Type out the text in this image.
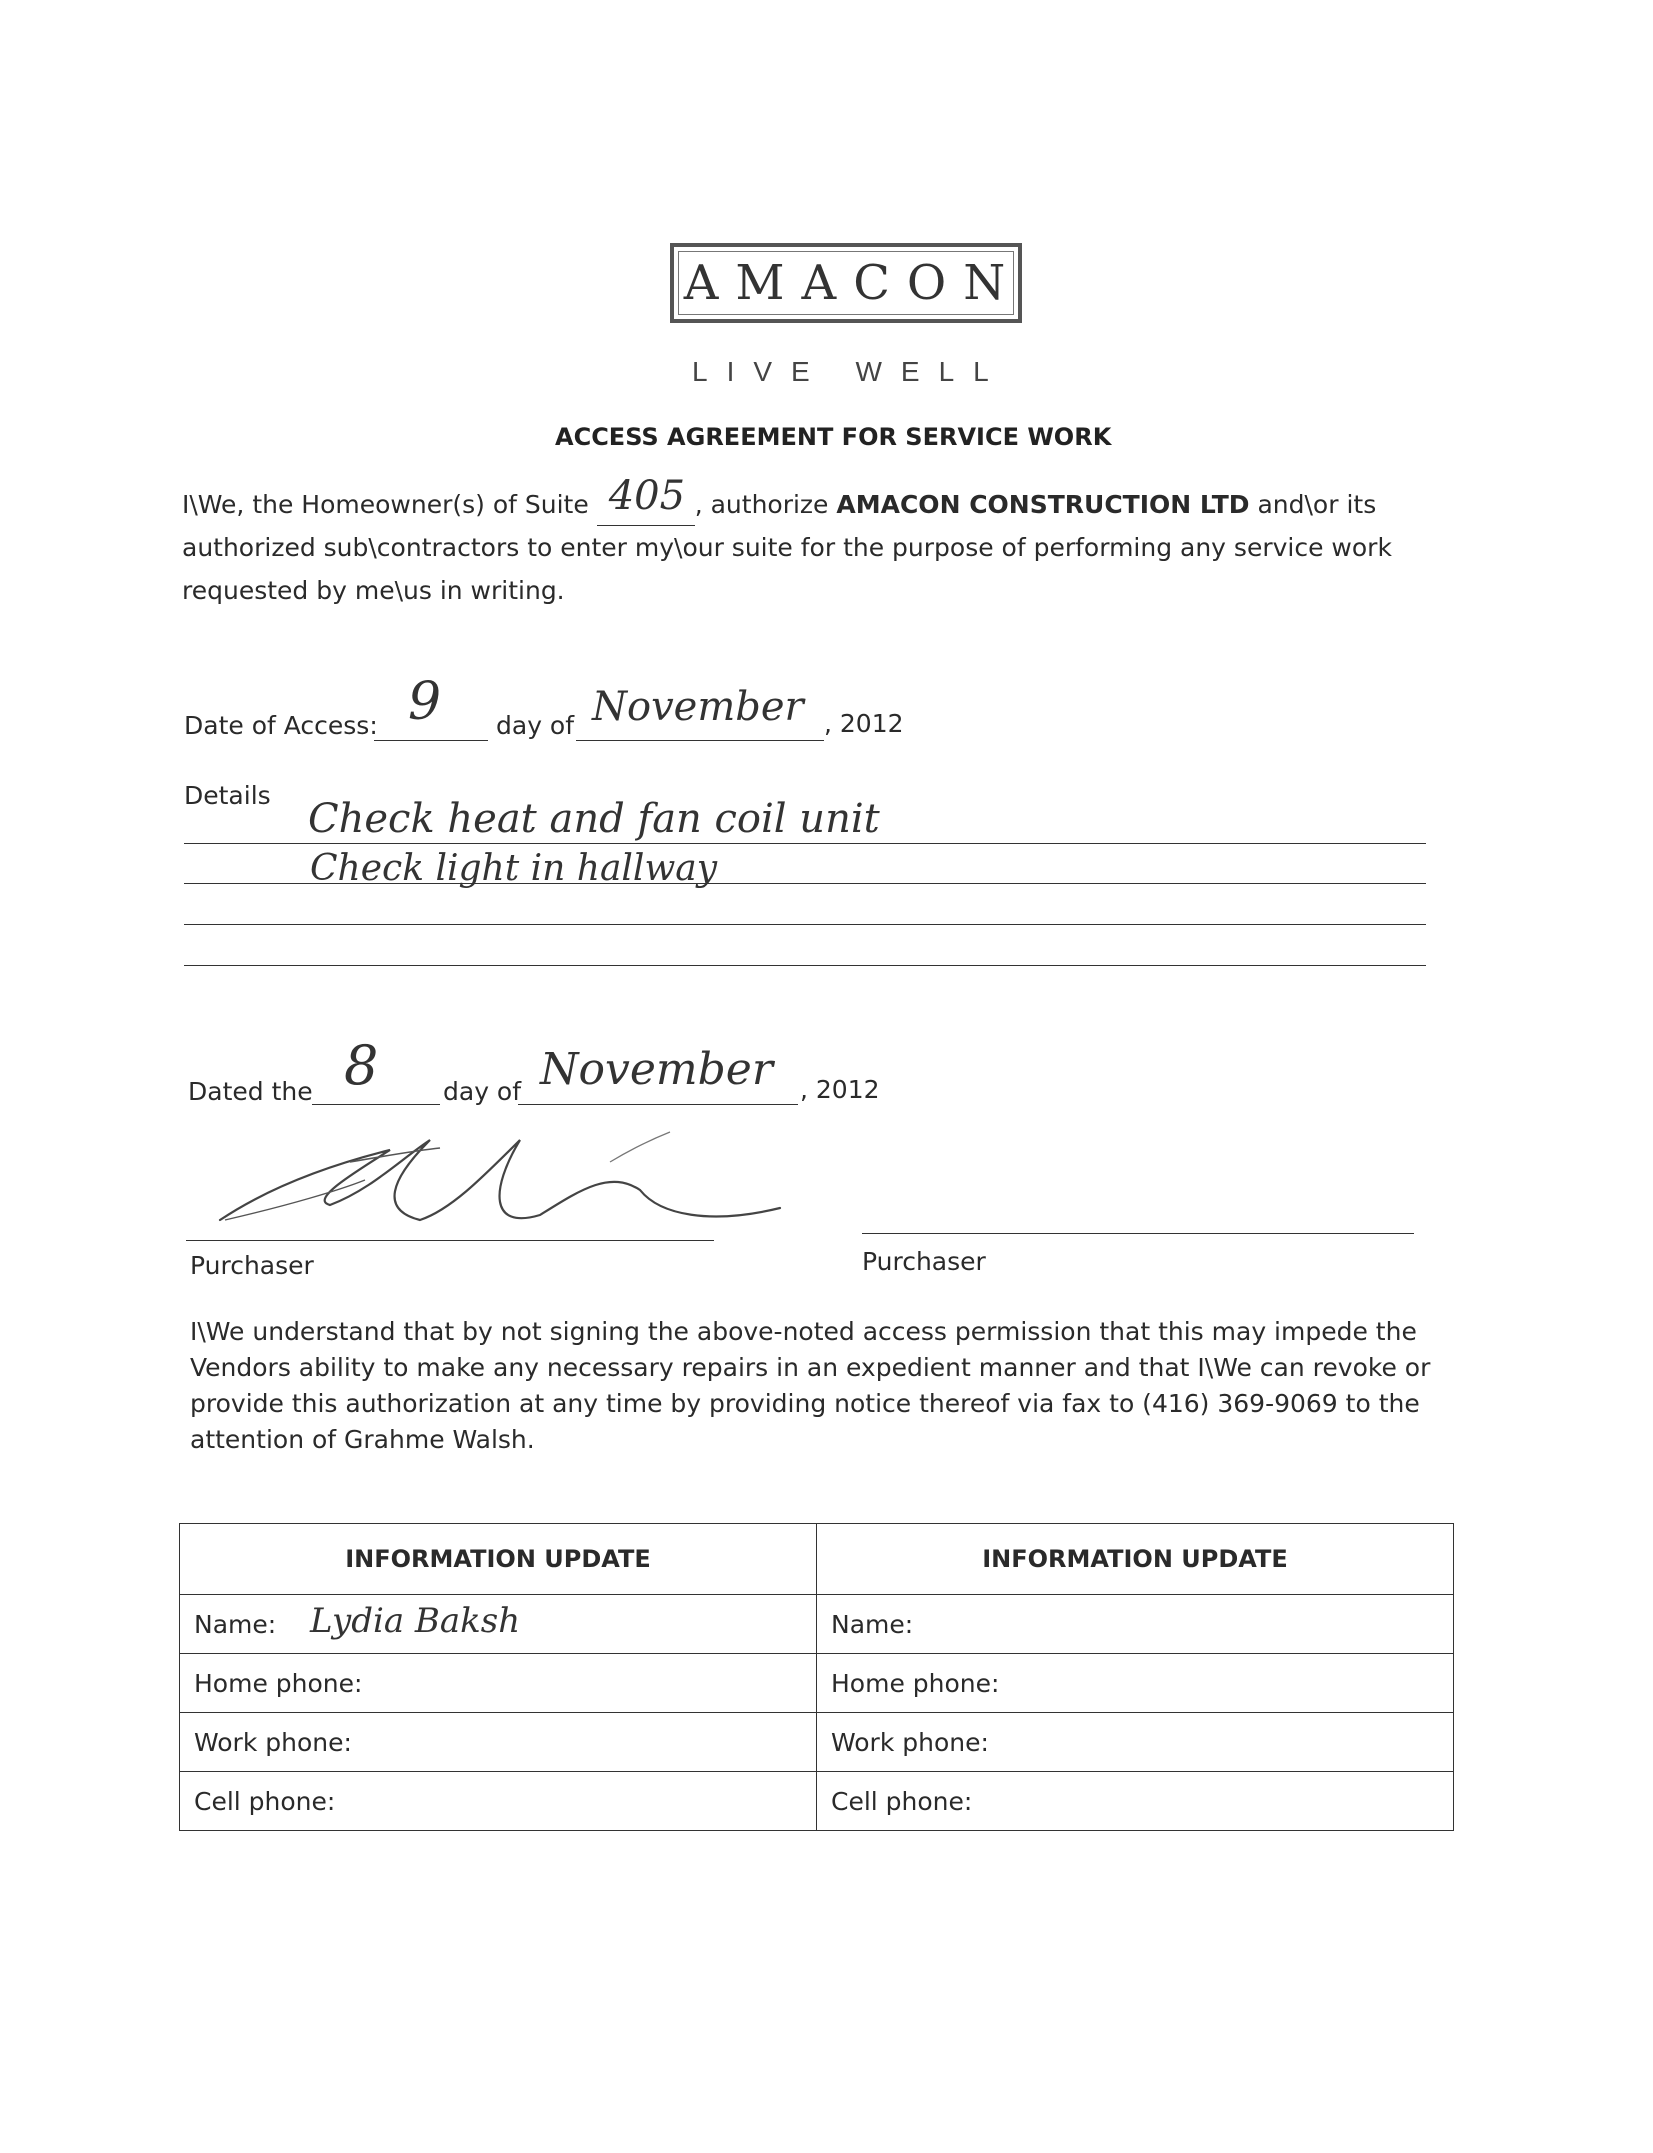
AMACON
LIVE WELL
ACCESS AGREEMENT FOR SERVICE WORK
I\We, the Homeowner(s) of Suite 405 , authorize AMACON CONSTRUCTION LTD and\or its
authorized sub\contractors to enter my\our suite for the purpose of performing any service work
requested by me\us in writing.
Date of Access: 9 day of November , 2012
Details
Check heat and fan coil unit
Check light in hallway
Dated the 8	day of November , 2012
Purchaser	Purchaser
I\We understand that by not signing the above-noted access permission that this may impede the
Vendors ability to make any necessary repairs in an expedient manner and that I\We can revoke or
provide this authorization at any time by providing notice thereof via fax to (416) 369-9069 to the
attention of Grahme Walsh.
INFORMATION UPDATE	INFORMATION UPDATE
Name: Lydia Baksh	Name:
Home phone:	Home phone:
Work phone:	Work phone:
Cell phone:	Cell phone:
